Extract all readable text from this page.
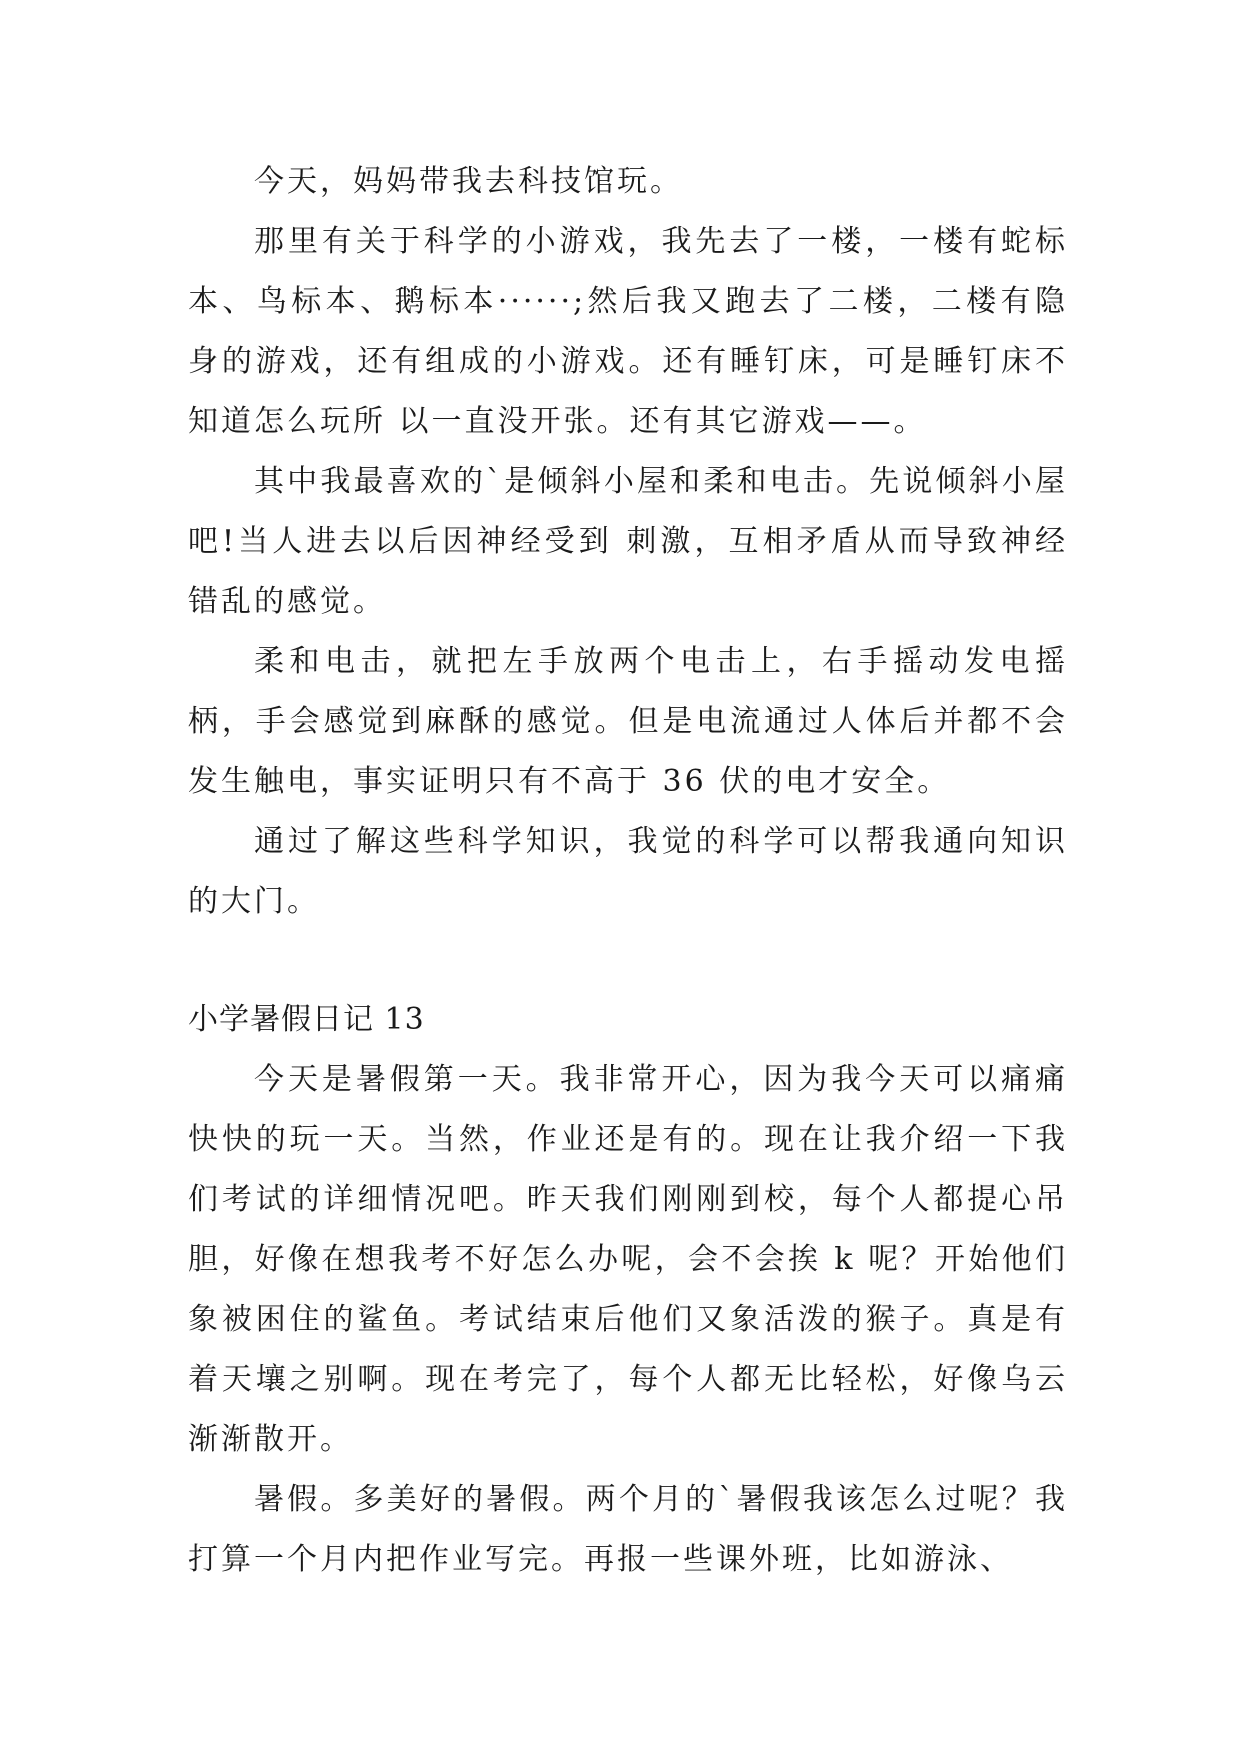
今天，妈妈带我去科技馆玩。

那里有关于科学的小游戏，我先去了一楼，一楼有蛇标本、鸟标本、鹅标本······;然后我又跑去了二楼，二楼有隐身的游戏，还有组成的小游戏。还有睡钉床，可是睡钉床不知道怎么玩所 以一直没开张。还有其它游戏——。

其中我最喜欢的`是倾斜小屋和柔和电击。先说倾斜小屋吧!当人进去以后因神经受到 刺激，互相矛盾从而导致神经错乱的感觉。

柔和电击，就把左手放两个电击上，右手摇动发电摇柄，手会感觉到麻酥的感觉。但是电流通过人体后并都不会发生触电，事实证明只有不高于 36 伏的电才安全。

通过了解这些科学知识，我觉的科学可以帮我通向知识的大门。

小学暑假日记 13

今天是暑假第一天。我非常开心，因为我今天可以痛痛快快的玩一天。当然，作业还是有的。现在让我介绍一下我们考试的详细情况吧。昨天我们刚刚到校，每个人都提心吊胆，好像在想我考不好怎么办呢，会不会挨 k 呢？开始他们象被困住的鲨鱼。考试结束后他们又象活泼的猴子。真是有着天壤之别啊。现在考完了，每个人都无比轻松，好像乌云渐渐散开。

暑假。多美好的暑假。两个月的`暑假我该怎么过呢？我打算一个月内把作业写完。再报一些课外班，比如游泳、
